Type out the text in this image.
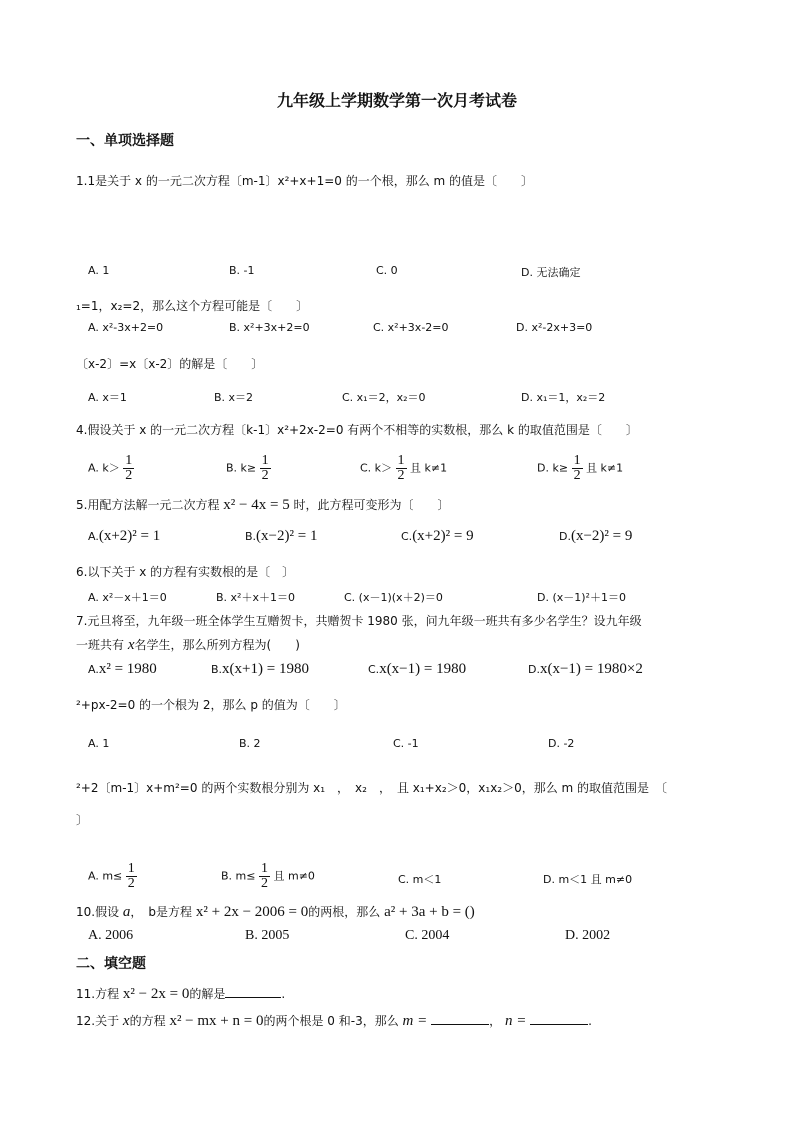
九年级上学期数学第一次月考试卷
一、单项选择题
1.1是关于 x 的一元二次方程〔m-1〕x²+x+1=0 的一个根，那么 m 的值是〔　　〕
A. 1	B. -1	C. 0	D. 无法确定
₁=1，x₂=2，那么这个方程可能是〔　　〕
A. x²-3x+2=0	B. x²+3x+2=0	C. x²+3x-2=0	D. x²-2x+3=0
〔x-2〕=x〔x-2〕的解是〔　　〕
A. x＝1	B. x＝2	C. x₁＝2，x₂＝0	D. x₁＝1，x₂＝2
4.假设关于 x 的一元二次方程〔k-1〕x²+2x-2=0 有两个不相等的实数根，那么 k 的取值范围是〔　　〕
A. $k> \frac{1}{2}$	B. $k\ge \frac{1}{2}$	C. $k> \frac{1}{2}$ 且 k≠1	D. $k\ge \frac{1}{2}$ 且 k≠1
5.用配方法解一元二次方程 x² − 4x = 5 时，此方程可变形为〔　　〕
A.(x+2)² = 1	B.(x−2)² = 1	C.(x+2)² = 9	D.(x−2)² = 9
6.以下关于 x 的方程有实数根的是〔　〕
A. x²－x＋1＝0	B. x²＋x＋1＝0	C. (x－1)(x＋2)＝0	D. (x－1)²＋1＝0
7.元旦将至，九年级一班全体学生互赠贺卡，共赠贺卡 1980 张，问九年级一班共有多少名学生？设九年级
一班共有 x名学生，那么所列方程为(　　)
A.x² = 1980	B.x(x+1) = 1980	C.x(x−1) = 1980	D.x(x−1) = 1980×2
²+px-2=0 的一个根为 2，那么 p 的值为〔　　〕
A. 1	B. 2	C. -1	D. -2
²+2〔m-1〕x+m²=0 的两个实数根分别为 x₁　，　x₂　，　且 x₁+x₂＞0，x₁x₂＞0，那么 m 的取值范围是　〔
〕
A. $m\le \frac{1}{2}$	B. $m\le \frac{1}{2}$ 且 m≠0	C. m＜1	D. m＜1 且 m≠0
10.假设 a，　b是方程 x² + 2x − 2006 = 0的两根，那么 a² + 3a + b = ()
A. 2006	B. 2005	C. 2004	D. 2002
二、填空题
11.方程 x² − 2x = 0的解是	.
12.关于 x的方程 x² − mx + n = 0的两个根是 0 和-3，那么 m =	， n =	.
